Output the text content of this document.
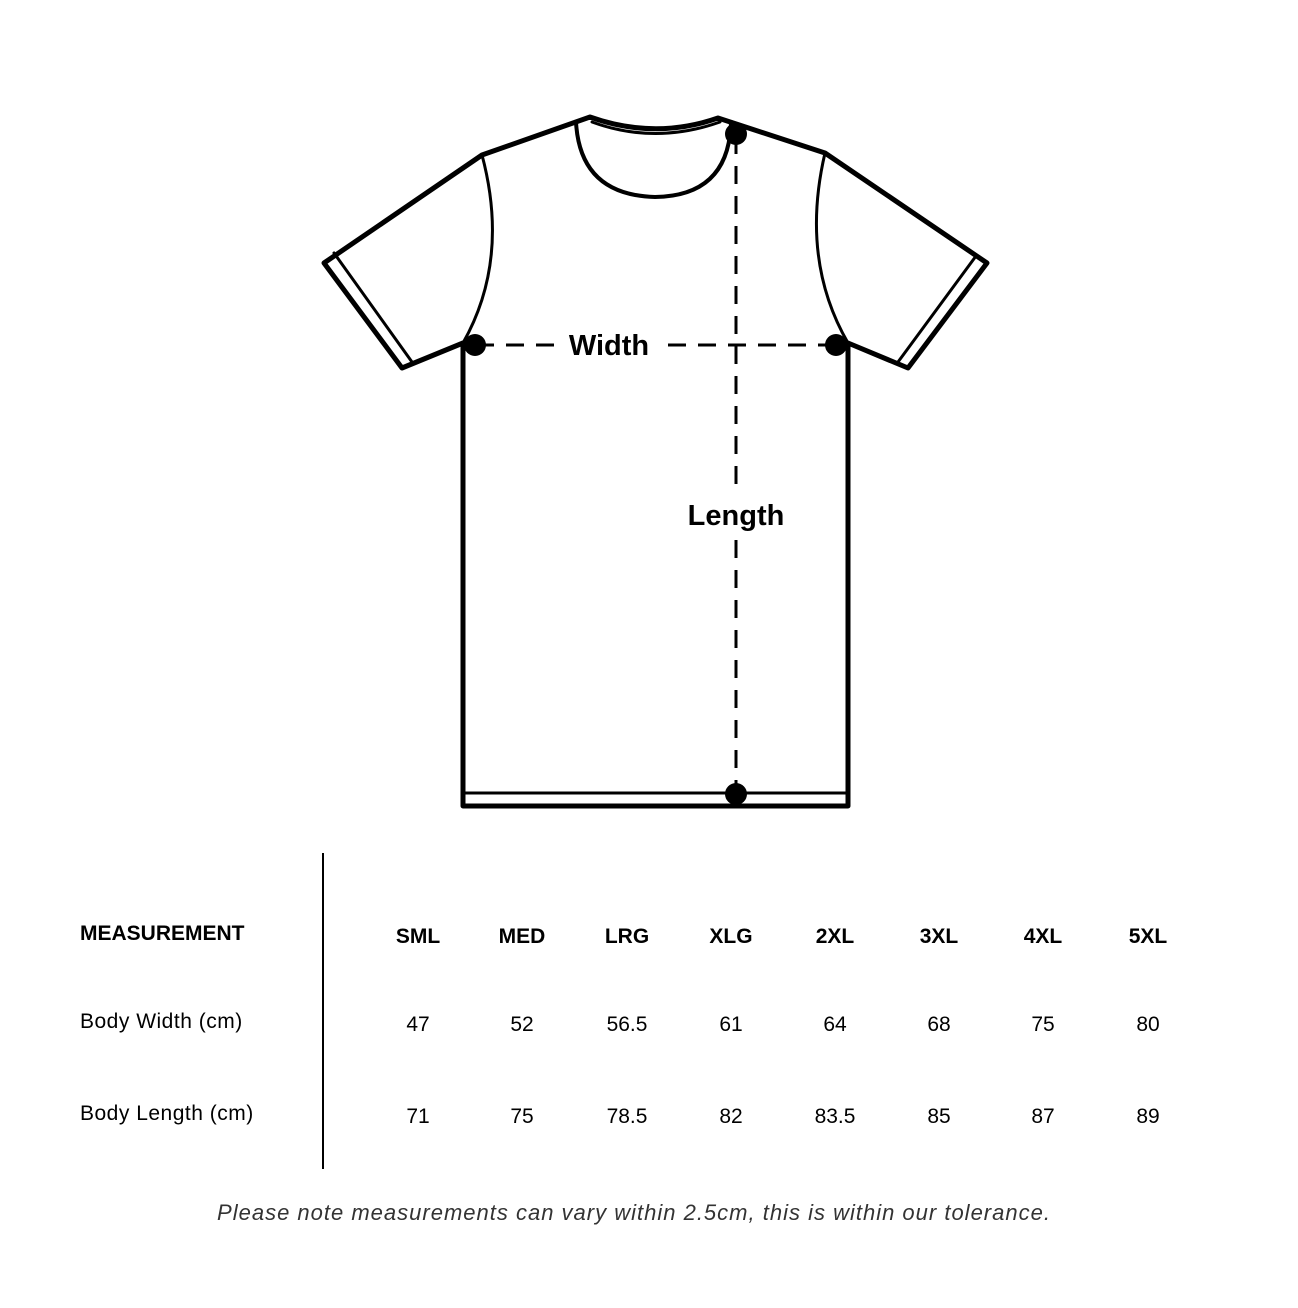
Width
Length
MEASUREMENT	SML	MED	LRG	XLG	2XL	3XL	4XL	5XL
Body Width (cm)	47	52	56.5	61	64	68	75	80
Body Length (cm)	71	75	78.5	82	83.5	85	87	89
Please note measurements can vary within 2.5cm, this is within our tolerance.
